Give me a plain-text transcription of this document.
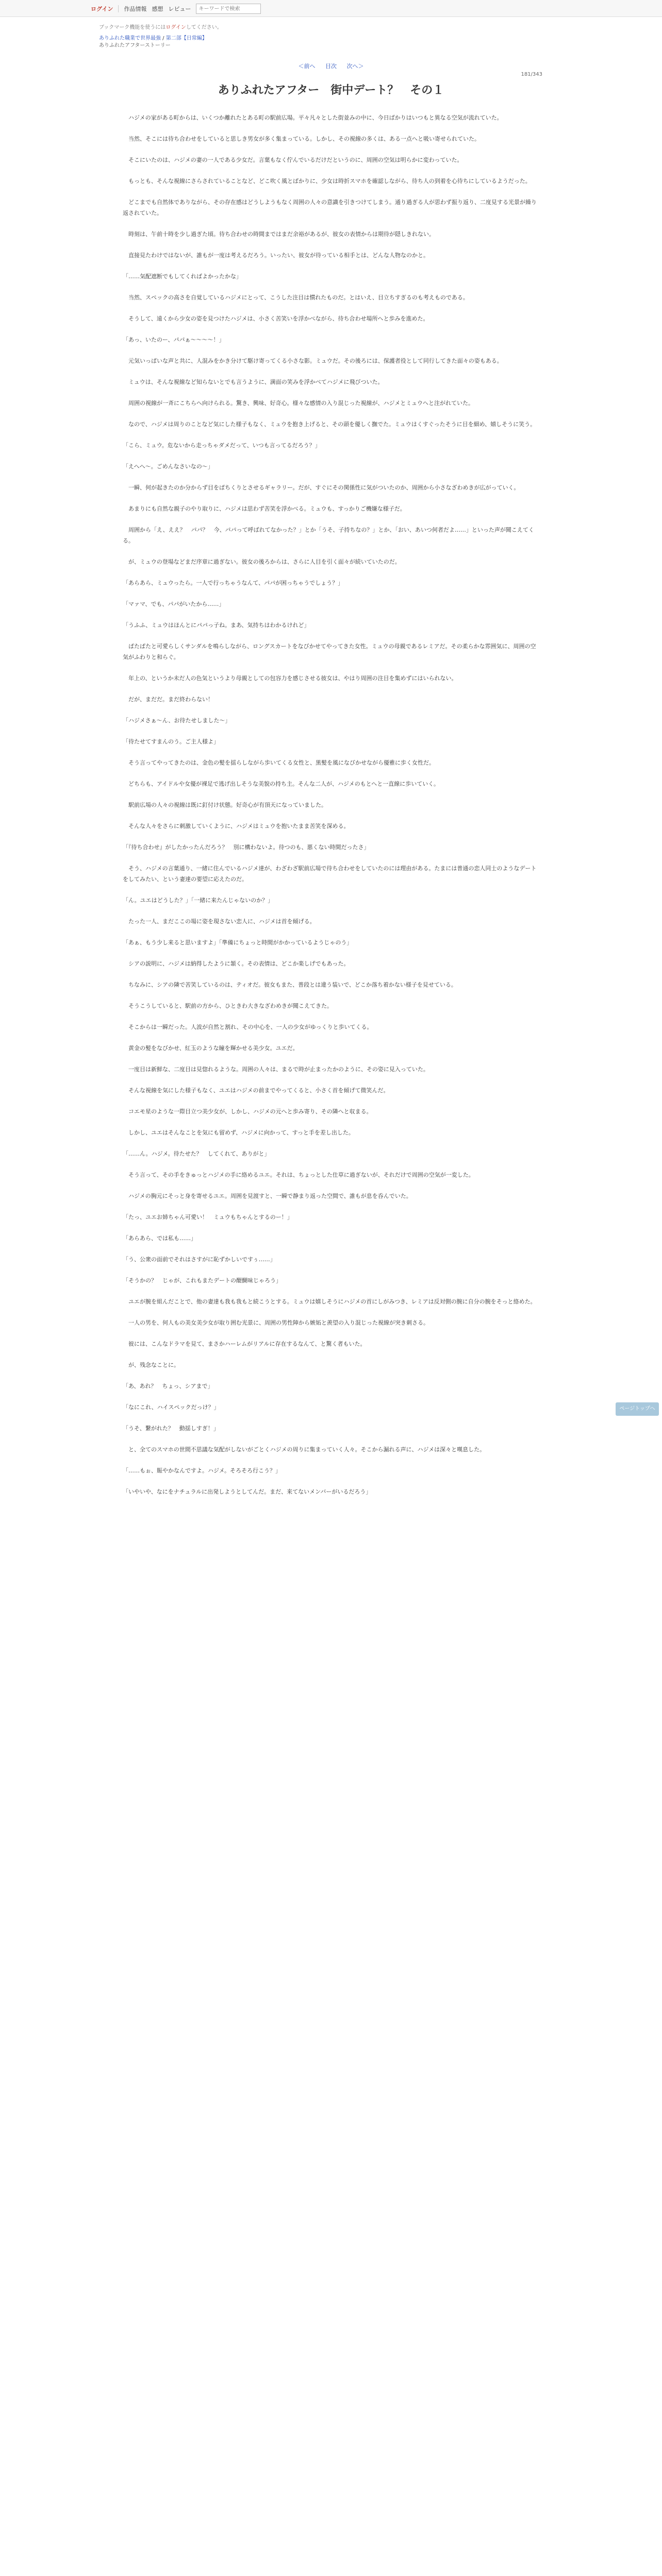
ログイン 作品情報 感想 レビュー
キーワードで検索
ブックマーク機能を使うにはログインしてください。
ありふれた職業で世界最強 / 第二部【日常編】
ありふれたアフターストーリー
＜前へ 目次 次へ＞
181/343
ありふれたアフター　街中デート？　その１

　ハジメの家がある町からは、いくつか離れたとある町の駅前広場。平々凡々とした街並みの中に、今日ばかりはいつもと異なる空気が流れていた。

　当然、そこには待ち合わせをしていると思しき男女が多く集まっている。しかし、その視線の多くは、ある一点へと吸い寄せられていた。

　そこにいたのは、ハジメの妻の一人である少女だ。言葉もなく佇んでいるだけだというのに、周囲の空気は明らかに変わっていた。

　もっとも、そんな視線にさらされていることなど、どこ吹く風とばかりに、少女は時折スマホを確認しながら、待ち人の到着を心待ちにしているようだった。

　どこまでも自然体でありながら、その存在感はどうしようもなく周囲の人々の意識を引きつけてしまう。通り過ぎる人が思わず振り返り、二度見する光景が繰り返されていた。

　時刻は、午前十時を少し過ぎた頃。待ち合わせの時間まではまだ余裕があるが、彼女の表情からは期待が隠しきれない。

　直接見たわけではないが、誰もが一度は考えるだろう。いったい、彼女が待っている相手とは、どんな人物なのかと。

「……気配遮断でもしてくればよかったかな」

　当然、スペックの高さを自覚しているハジメにとって、こうした注目は慣れたものだ。とはいえ、目立ちすぎるのも考えものである。

　そうして、遠くから少女の姿を見つけたハジメは、小さく苦笑いを浮かべながら、待ち合わせ場所へと歩みを進めた。

「あっ、いたのー、パパぁ～～～～！」

　元気いっぱいな声と共に、人混みをかき分けて駆け寄ってくる小さな影。ミュウだ。その後ろには、保護者役として同行してきた面々の姿もある。

　ミュウは、そんな視線など知らないとでも言うように、満面の笑みを浮かべてハジメに飛びついた。

　周囲の視線が一斉にこちらへ向けられる。驚き、興味、好奇心。様々な感情の入り混じった視線が、ハジメとミュウへと注がれていた。

　なので、ハジメは周りのことなど気にした様子もなく、ミュウを抱き上げると、その頭を優しく撫でた。ミュウはくすぐったそうに目を細め、嬉しそうに笑う。

「こら、ミュウ。危ないから走っちゃダメだって、いつも言ってるだろう？」

「えへへ～。ごめんなさいなの～」

　一瞬、何が起きたのか分からず目をぱちくりとさせるギャラリー。だが、すぐにその関係性に気がついたのか、周囲から小さなざわめきが広がっていく。

　あまりにも自然な親子のやり取りに、ハジメは思わず苦笑を浮かべる。ミュウも、すっかりご機嫌な様子だ。

　周囲から「え、ええ？　パパ？　今、パパって呼ばれてなかった？」とか「うそ、子持ちなの？」とか、「おい、あいつ何者だよ……」といった声が聞こえてくる。

　が、ミュウの登場などまだ序章に過ぎない。彼女の後ろからは、さらに人目を引く面々が続いていたのだ。

「あらあら、ミュウったら。一人で行っちゃうなんて、パパが困っちゃうでしょう？」

「マァマ、でも、パパがいたから……」

「うふふ、ミュウはほんとにパパっ子ね。まあ、気持ちはわかるけれど」

　ぱたぱたと可愛らしくサンダルを鳴らしながら、ロングスカートをなびかせてやってきた女性。ミュウの母親であるレミアだ。その柔らかな雰囲気に、周囲の空気がふわりと和らぐ。

　年上の、というか未だ人の色気というより母親としての包容力を感じさせる彼女は、やはり周囲の注目を集めずにはいられない。

　だが、まだだ。まだ終わらない！

「ハジメさぁ～ん、お待たせしました～」

「待たせてすまんのう。ご主人様よ」

　そう言ってやってきたのは、金色の髪を揺らしながら歩いてくる女性と、黒髪を風になびかせながら優雅に歩く女性だ。

　どちらも、アイドルや女優が裸足で逃げ出しそうな美貌の持ち主。そんな二人が、ハジメのもとへと一直線に歩いていく。

　駅前広場の人々の視線は既に釘付け状態。好奇心が有頂天になっていました。

　そんな人々をさらに刺激していくように、ハジメはミュウを抱いたまま苦笑を深める。

「『待ち合わせ』がしたかったんだろう？　別に構わないよ。待つのも、悪くない時間だったさ」

　そう、ハジメの言葉通り、一緒に住んでいるハジメ達が、わざわざ駅前広場で待ち合わせをしていたのには理由がある。たまには普通の恋人同士のようなデートをしてみたい、という妻達の要望に応えたのだ。

「ん。ユエはどうした？」「一緒に来たんじゃないのか？」

　たった一人、まだここの場に姿を現さない恋人に、ハジメは首を傾げる。

「あぁ、もう少し来ると思いますよ」「準備にちょっと時間がかかっているようじゃのう」

　シアの説明に、ハジメは納得したように頷く。その表情は、どこか楽しげでもあった。

　ちなみに、シアの隣で苦笑しているのは、ティオだ。彼女もまた、普段とは違う装いで、どこか落ち着かない様子を見せている。

　そうこうしていると、駅前の方から、ひときわ大きなざわめきが聞こえてきた。

　そこからは一瞬だった。人波が自然と割れ、その中心を、一人の少女がゆっくりと歩いてくる。

　黄金の髪をなびかせ、紅玉のような瞳を輝かせる美少女。ユエだ。

　一度目は新鮮な、二度目は見惚れるような。周囲の人々は、まるで時が止まったかのように、その姿に見入っていた。

　そんな視線を気にした様子もなく、ユエはハジメの前までやってくると、小さく首を傾げて微笑んだ。

　コエモ星のような一際目立つ美少女が、しかし、ハジメの元へと歩み寄り、その隣へと収まる。

　しかし、ユエはそんなことを気にも留めず、ハジメに向かって、すっと手を差し出した。

「……ん。ハジメ。待たせた？　してくれて、ありがと」

　そう言って、その手をきゅっとハジメの手に絡めるユエ。それは、ちょっとした仕草に過ぎないが、それだけで周囲の空気が一変した。

　ハジメの胸元にそっと身を寄せるユエ。周囲を見渡すと、一瞬で静まり返った空間で、誰もが息を呑んでいた。

「たっ、ユエお姉ちゃん可愛い！　ミュウもちゃんとするのー！」

「あらあら、では私も……」

「う、公衆の面前でそれはさすがに恥ずかしいですぅ……」

「そうかの？　じゃが、これもまたデートの醍醐味じゃろう」

　ユエが腕を組んだことで、他の妻達も我も我もと続こうとする。ミュウは嬉しそうにハジメの首にしがみつき、レミアは反対側の腕に自分の腕をそっと絡めた。

　一人の男を、何人もの美女美少女が取り囲む光景に、周囲の男性陣から嫉妬と羨望の入り混じった視線が突き刺さる。

　彼には、こんなドラマを見て、まさかハーレムがリアルに存在するなんて、と驚く者もいた。

　が、残念なことに。

「あ、あれ？　ちょっ、シアまで」

「なにこれ、ハイスペックだっけ？」

「うそ、繋がれた？　動揺しすぎ！」

　と、全てのスマホの世間不思議な気配がしないがごとくハジメの周りに集まっていく人々。そこから漏れる声に、ハジメは深々と嘆息した。

「……もぉ、賑やかなんですよ。ハジメ。そろそろ行こう？」

「いやいや、なにをナチュラルに出発しようとしてんだ。まだ、来てないメンバーがいるだろう」

ページトップへ
